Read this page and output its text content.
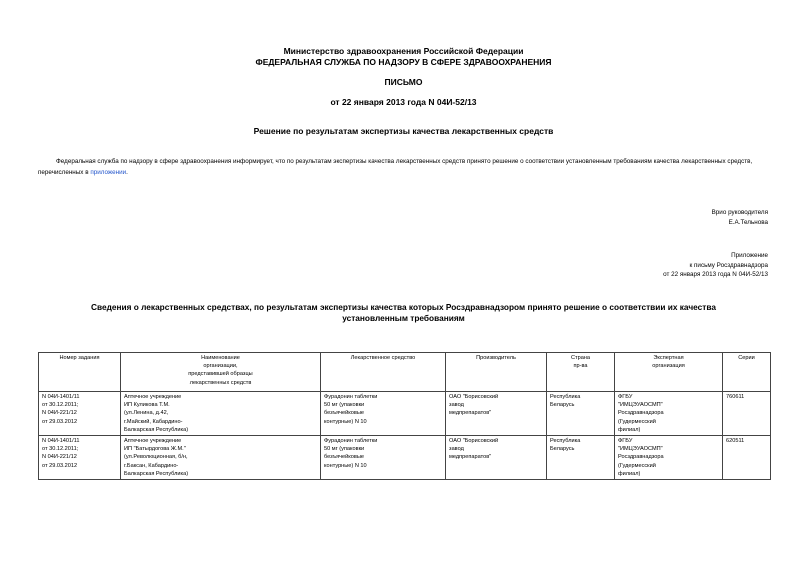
Министерство здравоохранения Российской Федерации
ФЕДЕРАЛЬНАЯ СЛУЖБА ПО НАДЗОРУ В СФЕРЕ ЗДРАВООХРАНЕНИЯ
ПИСЬМО
от 22 января 2013 года N 04И-52/13
Решение по результатам экспертизы качества лекарственных средств
Федеральная служба по надзору в сфере здравоохранения информирует, что по результатам экспертизы качества лекарственных средств принято решение о соответствии установленным требованиям качества лекарственных средств, перечисленных в приложении.
Врио руководителя
Е.А.Тельнова
Приложение
к письму Росздравнадзора
от 22 января 2013 года N 04И-52/13
Сведения о лекарственных средствах, по результатам экспертизы качества которых Росздравнадзором принято решение о соответствии их качества установленным требованиям
Номер задания	Наименование
организации,
представившей образцы
лекарственных средств	Лекарственное средство	Производитель	Страна
пр-ва	Экспертная
организация	Серии
N 04И-1401/11
от 30.12.2011;
N 04И-221/12
от 29.03.2012	Аптечное учреждение
ИП Куликова Т.М.
(ул.Ленина, д.42,
г.Майский, Кабардино-
Балкарская Республика)	Фурадонин таблетки
50 мг (упаковки
безъячейковые
контурные) N 10	ОАО "Борисовский
завод
медпрепаратов"	Республика
Беларусь	ФГБУ
"ИМЦЭУАОСМП"
Росздравнадзора
(Гудермесский
филиал)	760611
N 04И-1401/11
от 30.12.2011;
N 04И-221/12
от 29.03.2012	Аптечное учреждение
ИП "Батырдогова Ж.М."
(ул.Революционная, б/н,
г.Баксан, Кабардино-
Балкарская Республика)	Фурадонин таблетки
50 мг (упаковки
безъячейковые
контурные) N 10	ОАО "Борисовский
завод
медпрепаратов"	Республика
Беларусь	ФГБУ
"ИМЦЭУАОСМП"
Росздравнадзора
(Гудермесский
филиал)	620511
